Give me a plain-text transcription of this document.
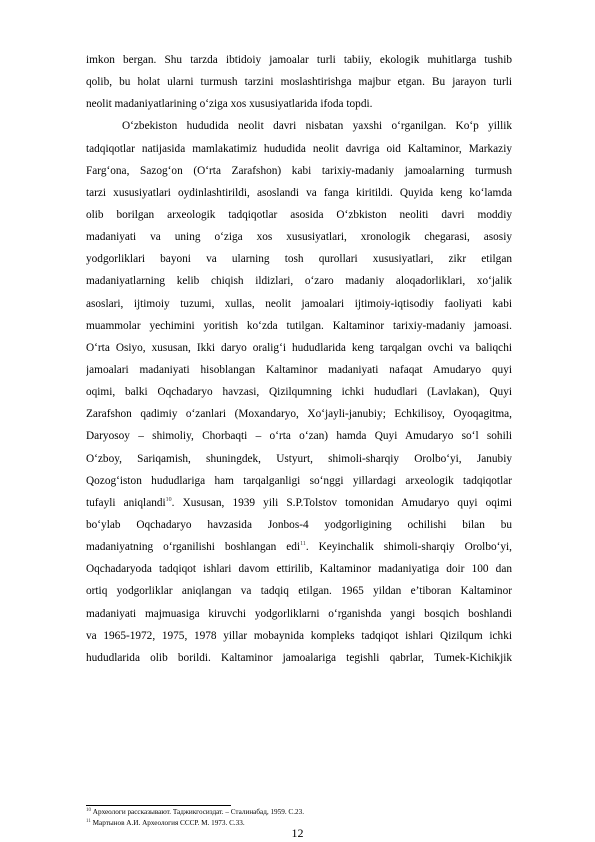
imkon bergan. Shu tarzda ibtidoiy jamoalar turli tabiiy, ekologik muhitlarga tushib
qolib, bu holat ularni turmush tarzini moslashtirishga majbur etgan. Bu jarayon turli
neolit madaniyatlarining o‘ziga xos xususiyatlarida ifoda topdi.
O‘zbekiston hududida neolit davri nisbatan yaxshi o‘rganilgan. Ko‘p yillik
tadqiqotlar natijasida mamlakatimiz hududida neolit davriga oid Kaltaminor, Markaziy
Farg‘ona, Sazog‘on (O‘rta Zarafshon) kabi tarixiy-madaniy jamoalarning turmush
tarzi xususiyatlari oydinlashtirildi, asoslandi va fanga kiritildi. Quyida keng ko‘lamda
olib borilgan arxeologik tadqiqotlar asosida O‘zbkiston neoliti davri moddiy
madaniyati va uning o‘ziga xos xususiyatlari, xronologik chegarasi, asosiy
yodgorliklari bayoni va ularning tosh qurollari xususiyatlari, zikr etilgan
madaniyatlarning kelib chiqish ildizlari, o‘zaro madaniy aloqadorliklari, xo‘jalik
asoslari, ijtimoiy tuzumi, xullas, neolit jamoalari ijtimoiy-iqtisodiy faoliyati kabi
muammolar yechimini yoritish ko‘zda tutilgan. Kaltaminor tarixiy-madaniy jamoasi.
O‘rta Osiyo, xususan, Ikki daryo oralig‘i hududlarida keng tarqalgan ovchi va baliqchi
jamoalari madaniyati hisoblangan Kaltaminor madaniyati nafaqat Amudaryo quyi
oqimi, balki Oqchadaryo havzasi, Qizilqumning ichki hududlari (Lavlakan), Quyi
Zarafshon qadimiy o‘zanlari (Moxandaryo, Xo‘jayli-janubiy; Echkilisoy, Oyoqagitma,
Daryosoy – shimoliy, Chorbaqti – o‘rta o‘zan) hamda Quyi Amudaryo so‘l sohili
O‘zboy, Sariqamish, shuningdek, Ustyurt, shimoli-sharqiy Orolbo‘yi, Janubiy
Qozog‘iston hududlariga ham tarqalganligi so‘nggi yillardagi arxeologik tadqiqotlar
tufayli aniqlandi$^{10}$. Xususan, 1939 yili S.P.Tolstov tomonidan Amudaryo quyi oqimi
bo‘ylab Oqchadaryo havzasida Jonbos-4 yodgorligining ochilishi bilan bu
madaniyatning o‘rganilishi boshlangan edi$^{11}$. Keyinchalik shimoli-sharqiy Orolbo‘yi,
Oqchadaryoda tadqiqot ishlari davom ettirilib, Kaltaminor madaniyatiga doir 100 dan
ortiq yodgorliklar aniqlangan va tadqiq etilgan. 1965 yildan e’tiboran Kaltaminor
madaniyati majmuasiga kiruvchi yodgorliklarni o‘rganishda yangi bosqich boshlandi
va 1965-1972, 1975, 1978 yillar mobaynida kompleks tadqiqot ishlari Qizilqum ichki
hududlarida olib borildi. Kaltaminor jamoalariga tegishli qabrlar, Tumek-Kichikjik
$^{10}$ Археологи рассказывают. Таджикгосиздат. – Сталинабад, 1959. С.23.
$^{11}$ Мартынов А.И. Археология СССР. М. 1973. С.33.
12
